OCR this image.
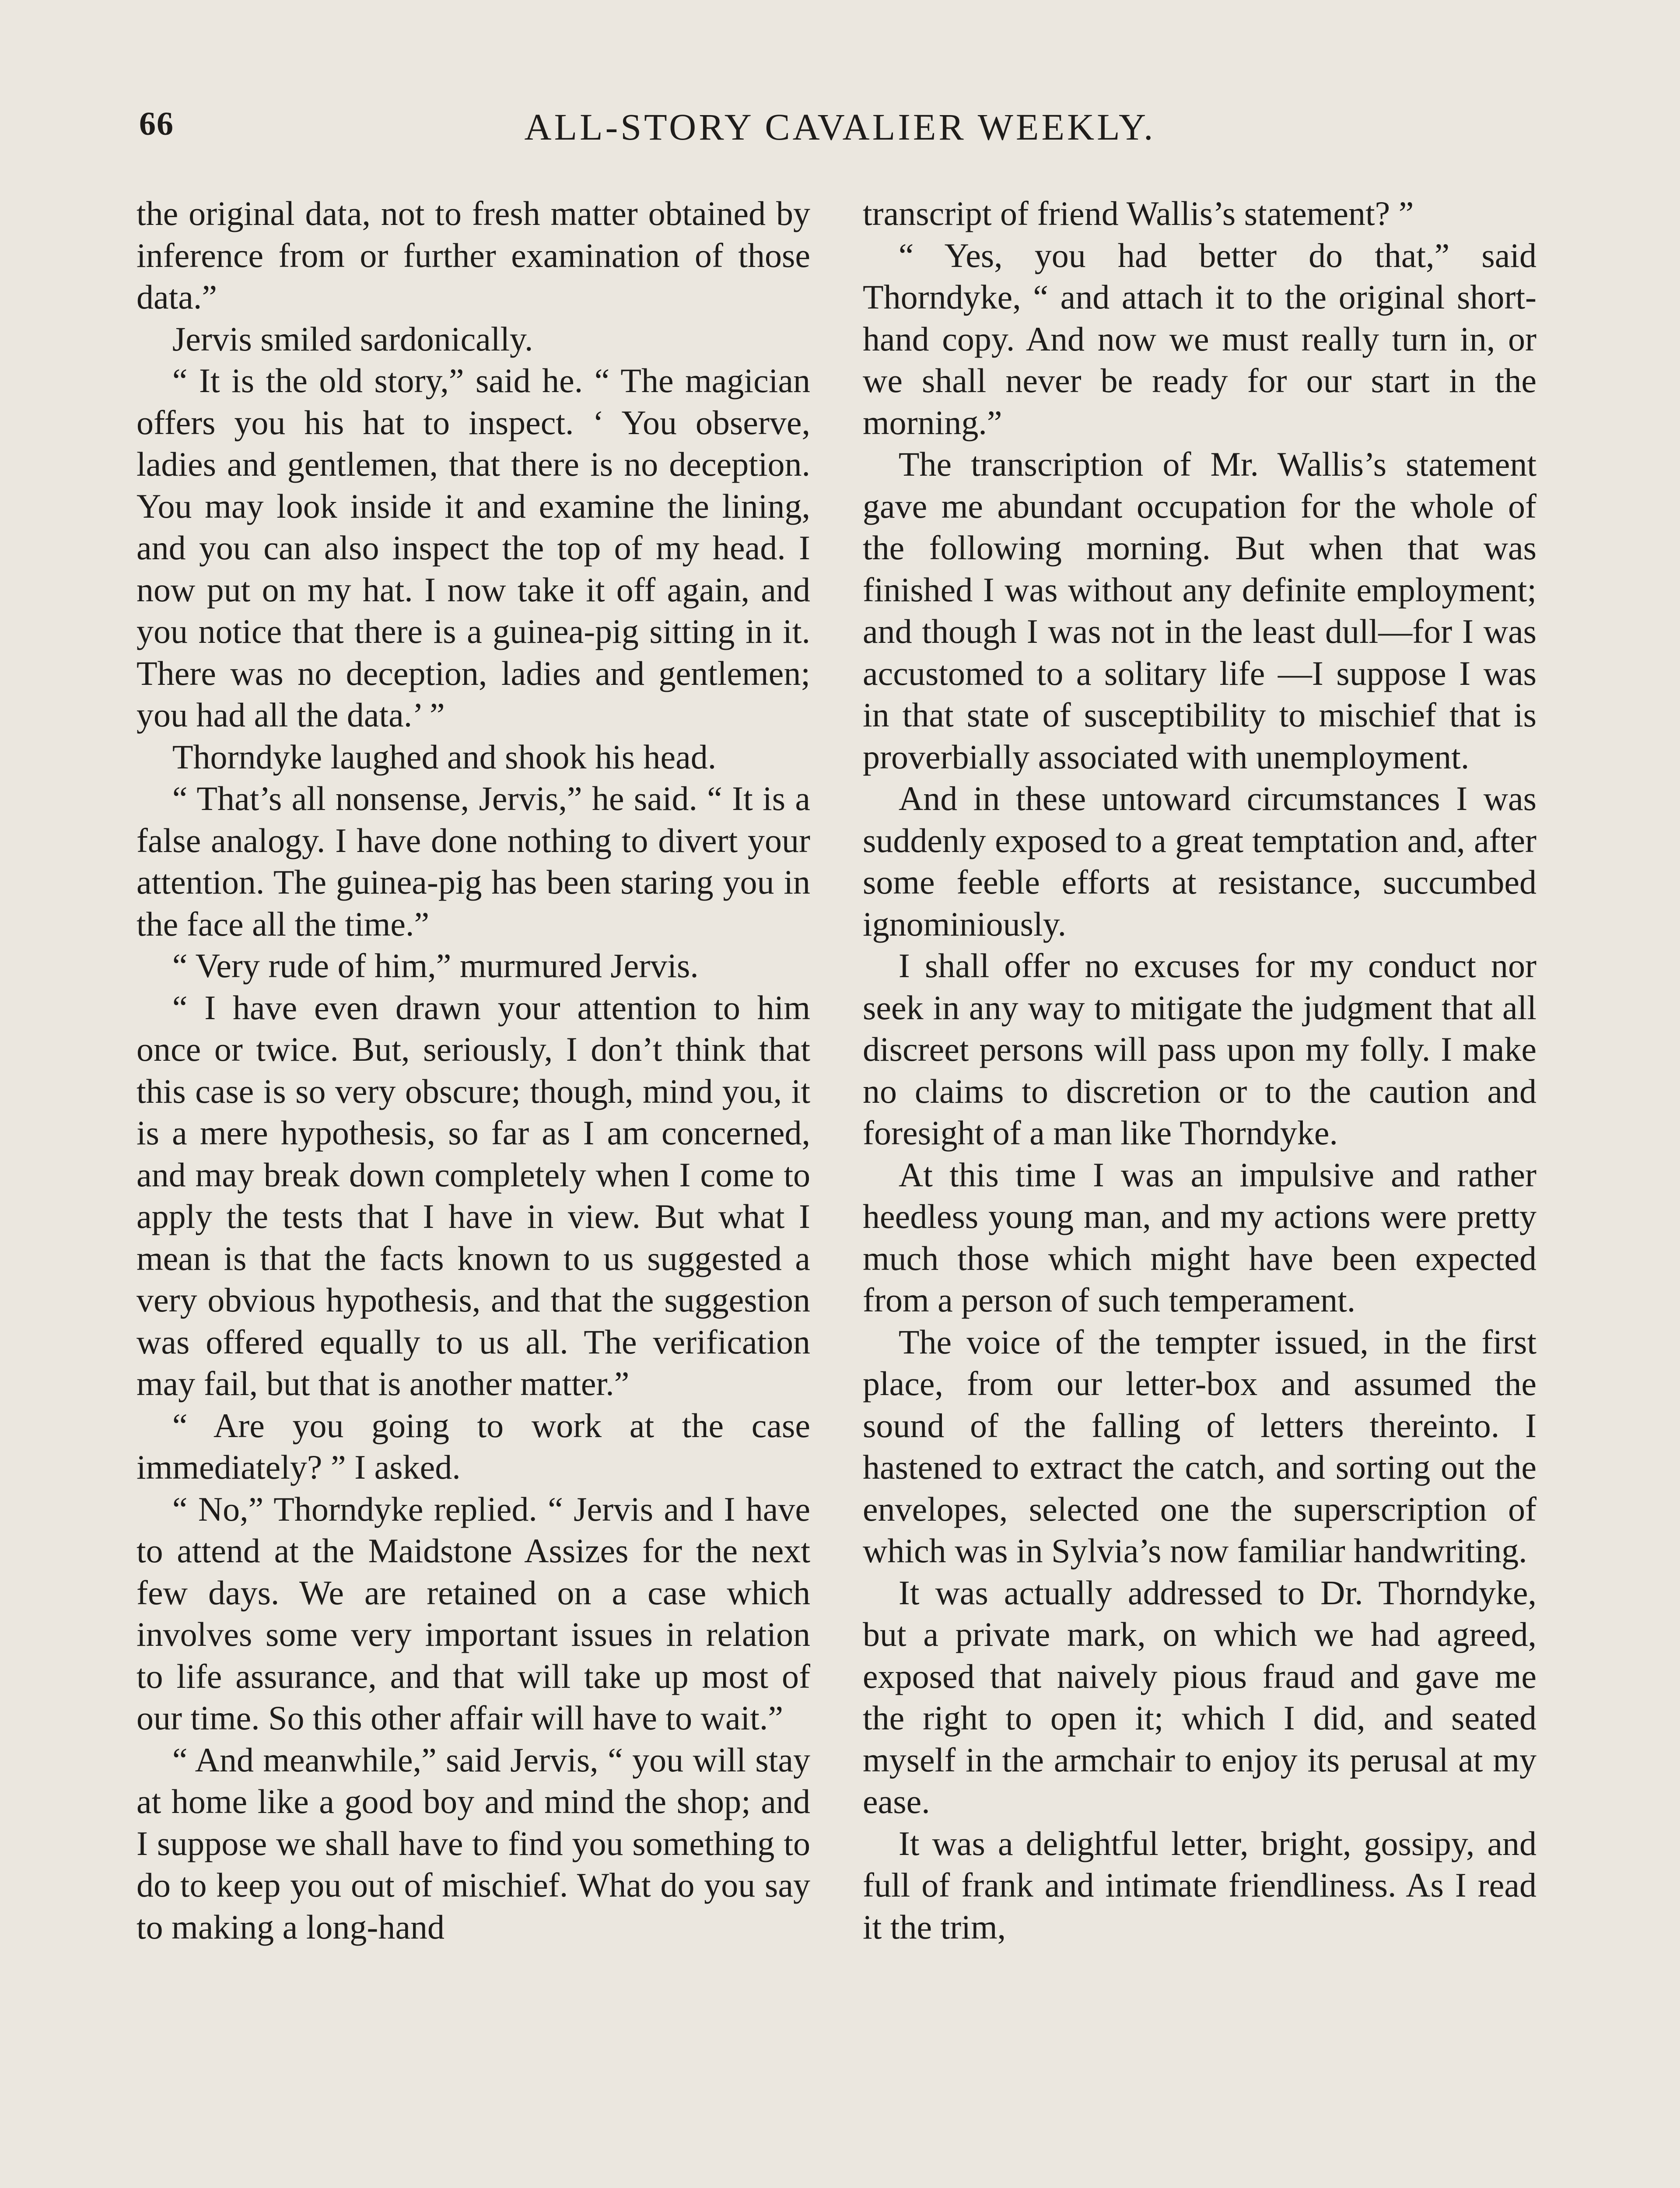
ALL-STORY CAVALIER WEEKLY.
66

the original data, not to fresh matter obtained by inference from or further examination of those data.”

Jervis smiled sardonically.

“ It is the old story,” said he. “ The magician offers you his hat to inspect. ‘ You observe, ladies and gentlemen, that there is no deception. You may look inside it and examine the lining, and you can also inspect the top of my head. I now put on my hat. I now take it off again, and you notice that there is a guinea-pig sitting in it. There was no deception, ladies and gentlemen; you had all the data.’ ”

Thorndyke laughed and shook his head.

“ That’s all nonsense, Jervis,” he said. “ It is a false analogy. I have done nothing to divert your attention. The guinea-pig has been staring you in the face all the time.”

“ Very rude of him,” murmured Jervis.

“ I have even drawn your attention to him once or twice. But, seriously, I don’t think that this case is so very obscure; though, mind you, it is a mere hypothesis, so far as I am concerned, and may break down completely when I come to apply the tests that I have in view. But what I mean is that the facts known to us suggested a very obvious hypothesis, and that the suggestion was offered equally to us all. The verification may fail, but that is another matter.”

“ Are you going to work at the case immediately? ” I asked.

“ No,” Thorndyke replied. “ Jervis and I have to attend at the Maidstone Assizes for the next few days. We are retained on a case which involves some very important issues in relation to life assurance, and that will take up most of our time. So this other affair will have to wait.”

“ And meanwhile,” said Jervis, “ you will stay at home like a good boy and mind the shop; and I suppose we shall have to find you something to do to keep you out of mischief. What do you say to making a long-hand

transcript of friend Wallis’s statement? ”

“ Yes, you had better do that,” said Thorndyke, “ and attach it to the original short-hand copy. And now we must really turn in, or we shall never be ready for our start in the morning.”

The transcription of Mr. Wallis’s statement gave me abundant occupation for the whole of the following morning. But when that was finished I was without any definite employment; and though I was not in the least dull—for I was accustomed to a solitary life —I suppose I was in that state of susceptibility to mischief that is proverbially associated with unemployment.

And in these untoward circumstances I was suddenly exposed to a great temptation and, after some feeble efforts at resistance, succumbed ignominiously.

I shall offer no excuses for my conduct nor seek in any way to mitigate the judgment that all discreet persons will pass upon my folly. I make no claims to discretion or to the caution and foresight of a man like Thorndyke.

At this time I was an impulsive and rather heedless young man, and my actions were pretty much those which might have been expected from a person of such temperament.

The voice of the tempter issued, in the first place, from our letter-box and assumed the sound of the falling of letters thereinto. I hastened to extract the catch, and sorting out the envelopes, selected one the superscription of which was in Sylvia’s now familiar handwriting.

It was actually addressed to Dr. Thorndyke, but a private mark, on which we had agreed, exposed that naively pious fraud and gave me the right to open it; which I did, and seated myself in the armchair to enjoy its perusal at my ease.

It was a delightful letter, bright, gossipy, and full of frank and intimate friendliness. As I read it the trim,
